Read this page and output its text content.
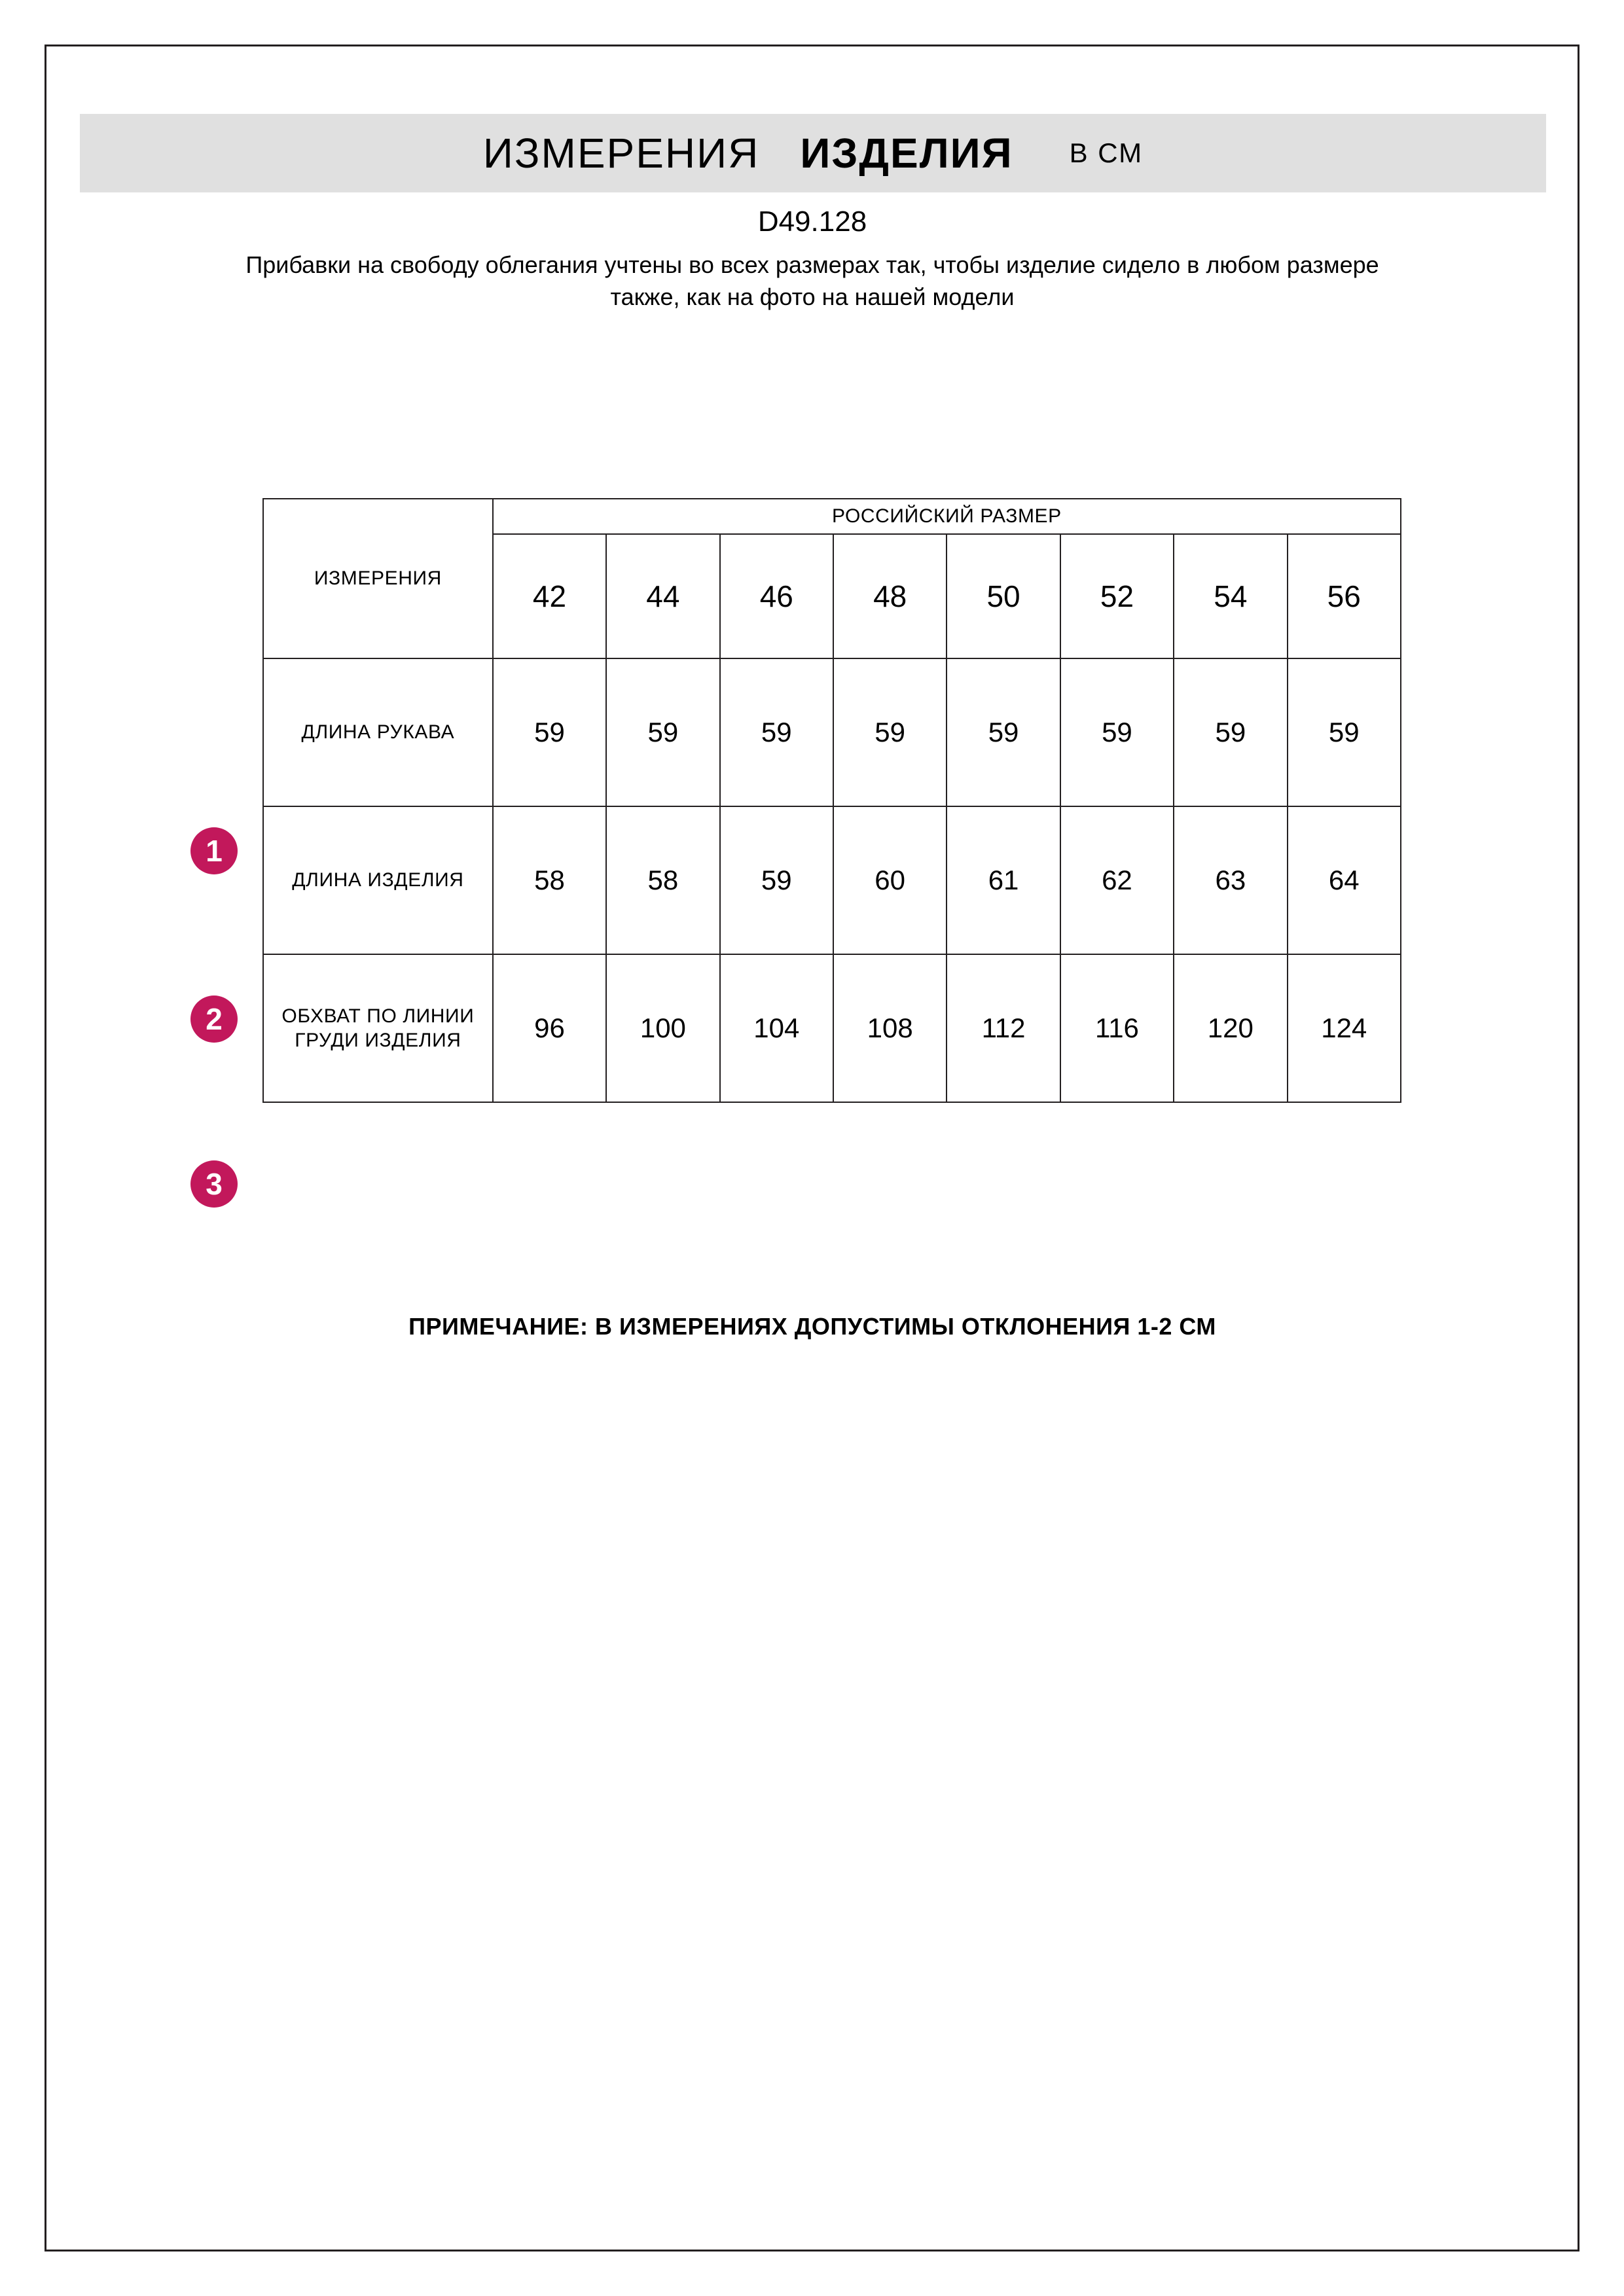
ИЗМЕРЕНИЯ ИЗДЕЛИЯ В СМ
D49.128
Прибавки на свободу облегания учтены во всех размерах так, чтобы изделие сидело в любом размере также, как на фото на нашей модели
1
2
3
ИЗМЕРЕНИЯ	РОССИЙСКИЙ РАЗМЕР							
	42	44	46	48	50	52	54	56
ДЛИНА РУКАВА	59	59	59	59	59	59	59	59
ДЛИНА ИЗДЕЛИЯ	58	58	59	60	61	62	63	64
ОБХВАТ ПО ЛИНИИ ГРУДИ ИЗДЕЛИЯ	96	100	104	108	112	116	120	124
ПРИМЕЧАНИЕ: В ИЗМЕРЕНИЯХ ДОПУСТИМЫ ОТКЛОНЕНИЯ 1-2 СМ
